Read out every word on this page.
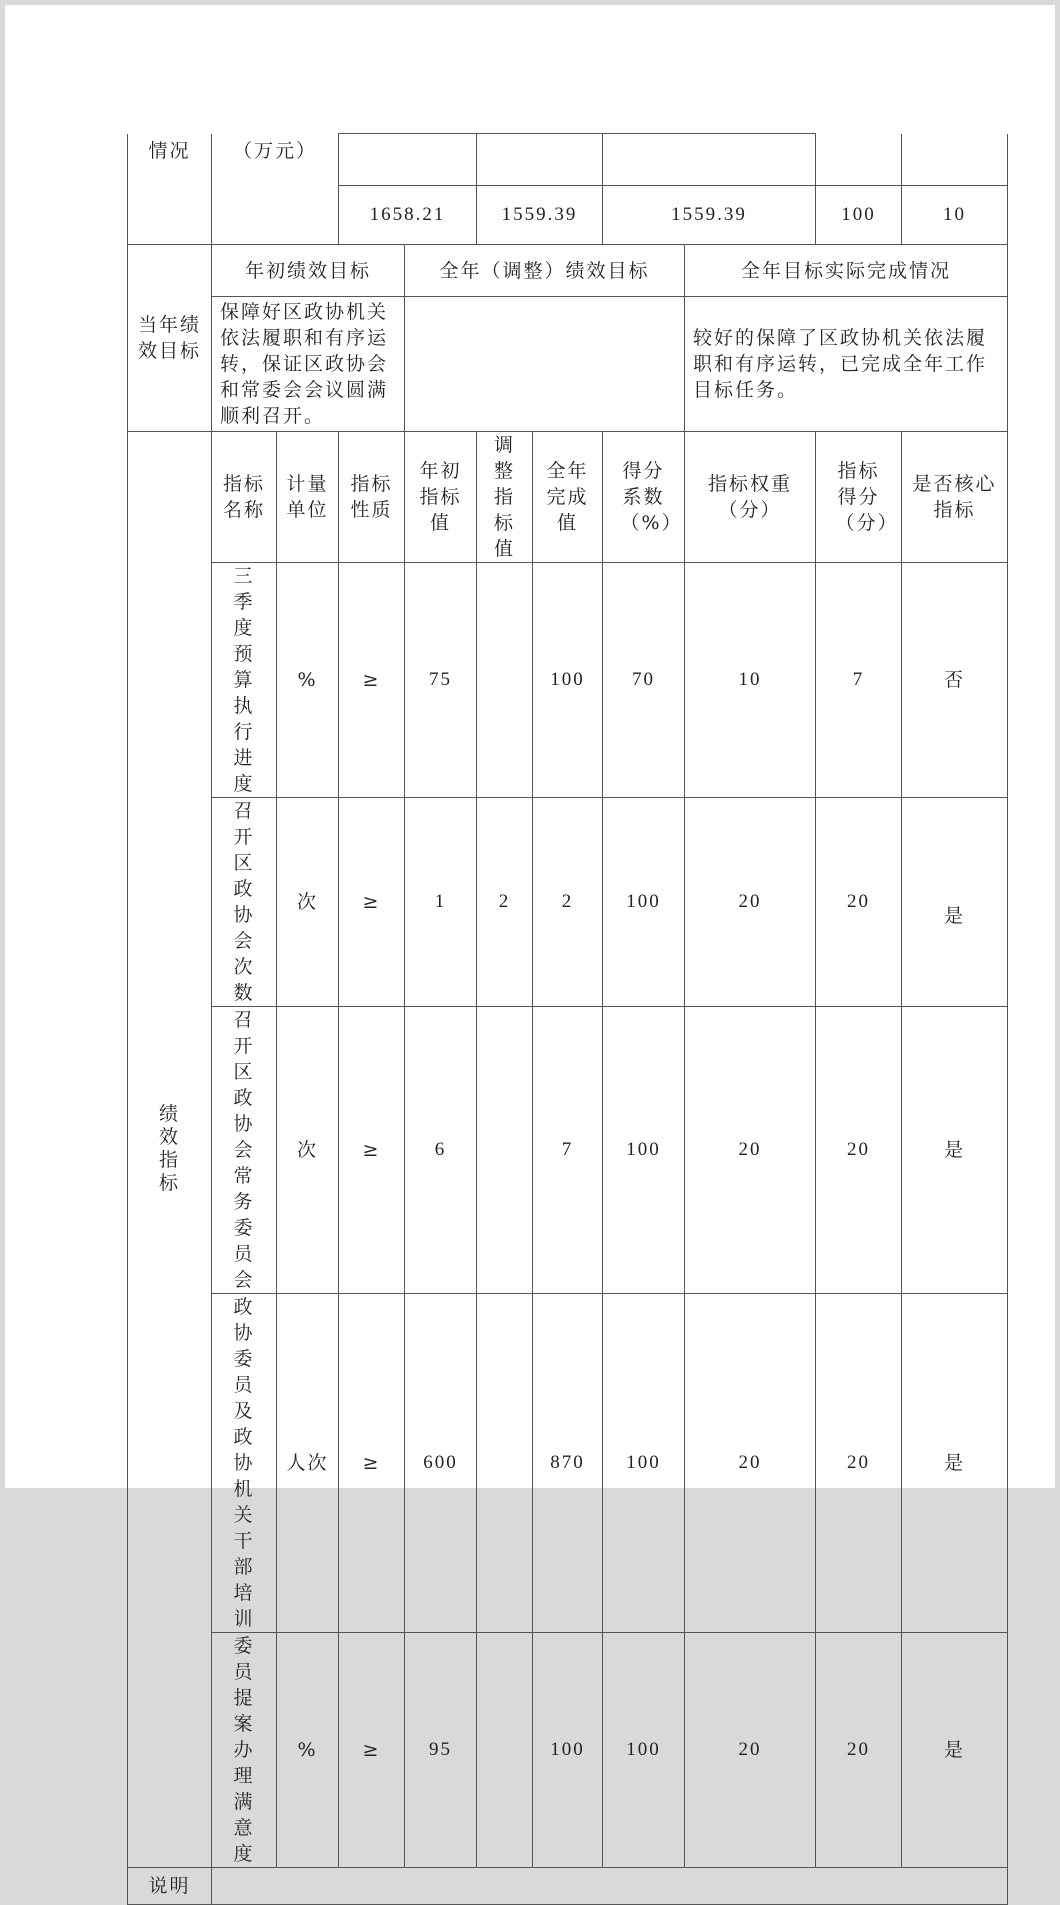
情况	（万元）						
			1658.21		1559.39		1559.39		100	10	
当年绩效目标	年初绩效目标			全年（调整）绩效目标				全年目标实际完成情况			
	保障好区政协机关依法履职和有序运转，保证区政协会和常委会会议圆满顺利召开。							较好的保障了区政协机关依法履职和有序运转，已完成全年工作目标任务。			
绩效指标	指标名称	计量单位	指标性质	年初指标值	调整指标值	全年完成值	得分系数（%）	指标权重（分）	指标得分（分）	是否核心指标	
	三季度预算执行进度	%	≥	75		100	70	10	7	否	
	召开区政协会次数	次	≥	1	2	2	100	20	20	是	
	召开区政协会常务委员会	次	≥	6		7	100	20	20	是	
	政协委员及政协机关干部培训	人次	≥	600		870	100	20	20	是	
	委员提案办理满意度	%	≥	95		100	100	20	20	是	
说明											
